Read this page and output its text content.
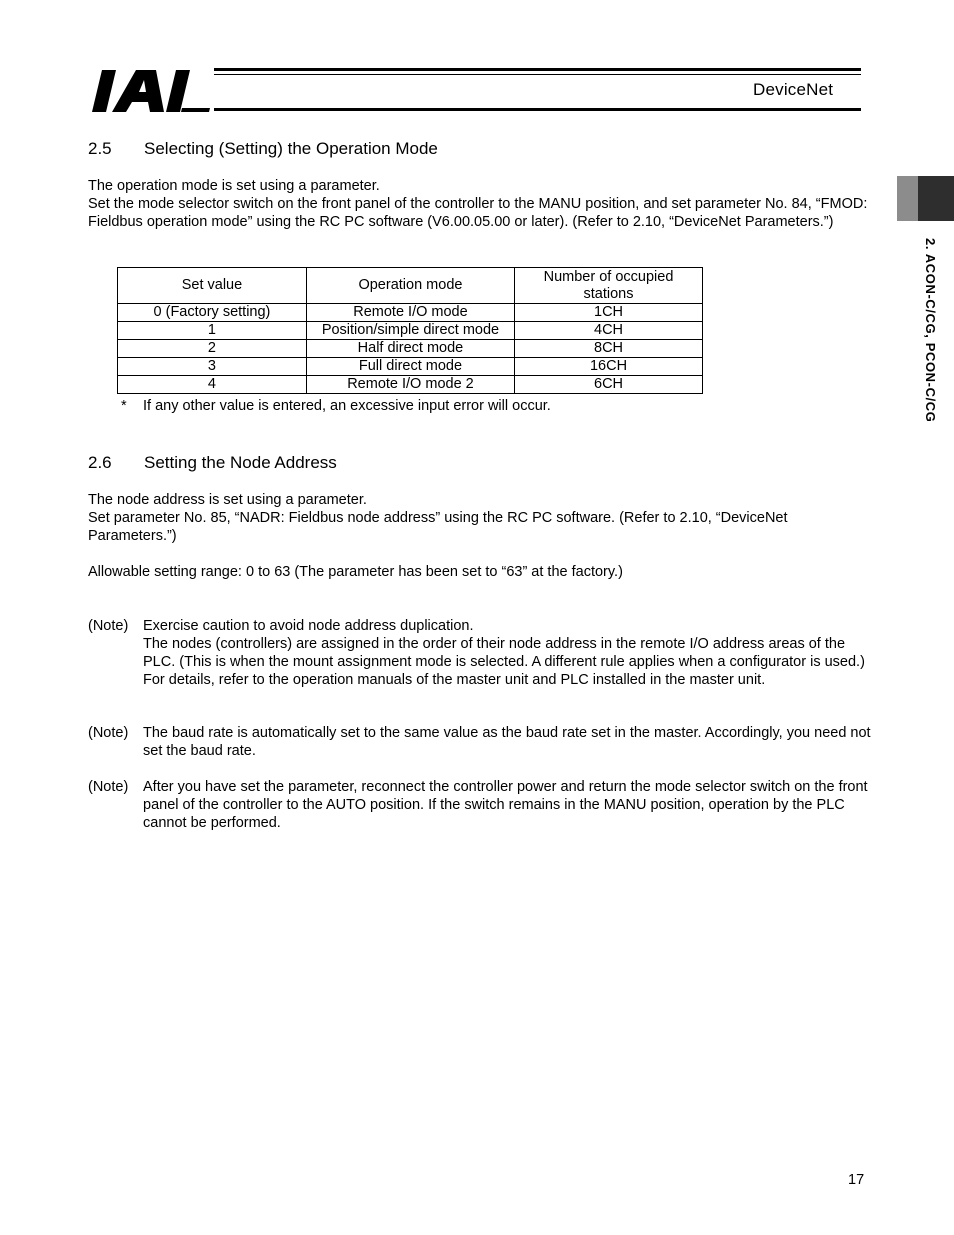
DeviceNet
2. ACON-C/CG, PCON-C/CG
2.5 Selecting (Setting) the Operation Mode

The operation mode is set using a parameter.

Set the mode selector switch on the front panel of the controller to the MANU position, and set parameter No. 84, “FMOD: Fieldbus operation mode” using the RC PC software (V6.00.05.00 or later). (Refer to 2.10, “DeviceNet Parameters.”)

Set value	Operation mode	Number of occupied stations
0 (Factory setting)	Remote I/O mode	1CH
1	Position/simple direct mode	4CH
2	Half direct mode	8CH
3	Full direct mode	16CH
4	Remote I/O mode 2	6CH
* If any other value is entered, an excessive input error will occur.
2.6 Setting the Node Address

The node address is set using a parameter.

Set parameter No. 85, “NADR: Fieldbus node address” using the RC PC software. (Refer to 2.10, “DeviceNet Parameters.”)

Allowable setting range: 0 to 63 (The parameter has been set to “63” at the factory.)
(Note) Exercise caution to avoid node address duplication.

The nodes (controllers) are assigned in the order of their node address in the remote I/O address areas of the PLC. (This is when the mount assignment mode is selected. A different rule applies when a configurator is used.)

For details, refer to the operation manuals of the master unit and PLC installed in the master unit.

(Note) The baud rate is automatically set to the same value as the baud rate set in the master. Accordingly, you need not set the baud rate.

(Note) After you have set the parameter, reconnect the controller power and return the mode selector switch on the front panel of the controller to the AUTO position. If the switch remains in the MANU position, operation by the PLC cannot be performed.

17
